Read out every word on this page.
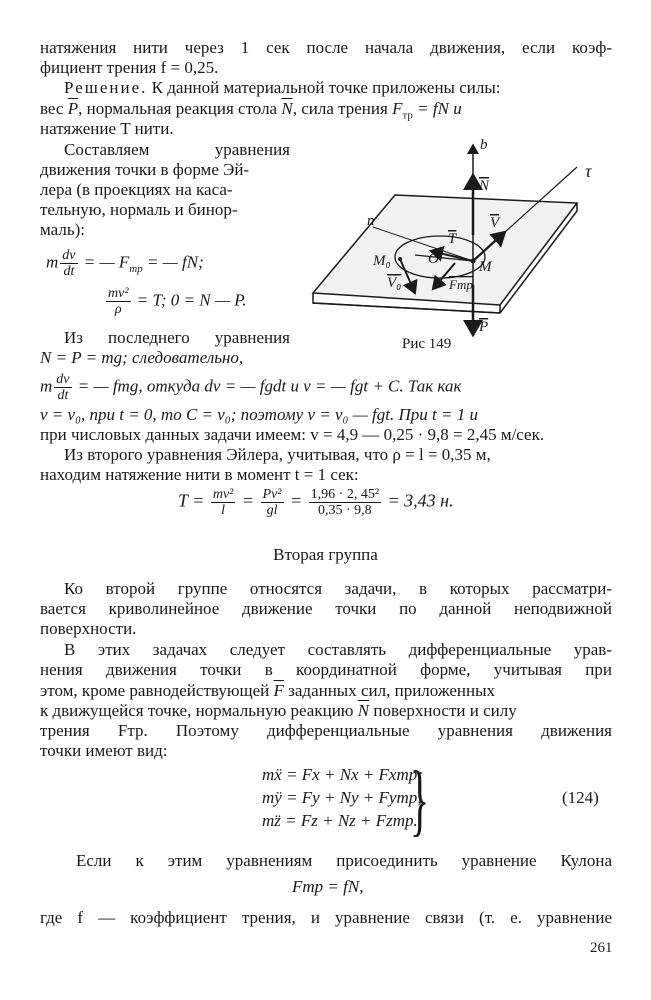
натяжения нити через 1 сек после начала движения, если коэф-
фициент трения f = 0,25.
Решение. К данной материальной точке приложены силы:
вес $\overline{P}$, нормальная реакция стола $\overline{N}$, сила трения $F_{тр}$ = fN и
натяжение T нити.
Составляем уравнения
движения точки в форме Эй-
лера (в проекциях на каса-
тельную, нормаль и бинор-
маль):
m $\frac{dv}{dt}$ = — $F_{тр}$ = — fN;
$\frac{\text{mv²}}{\rho} = T$; 0 = N — P.
Из последнего уравнения
N = P = mg; следовательно,
m $\frac{dv}{dt}$ = — fmg, откуда dv = — fgdt и v = — fgt + C. Так как
v = v₀, при t = 0, то C = v₀; поэтому v = v₀ — fgt. При t = 1 и
при числовых данных задачи имеем: v = 4,9 — 0,25 · 9,8 = 2,45 м/сек.
Из второго уравнения Эйлера, учитывая, что ρ = l = 0,35 м,
находим натяжение нити в момент t = 1 сек:
$T = \frac{\text{mv²}}{l} = \frac{\text{Pv²}}{gl} = \frac{\text{1,96 · 2, 45²}}{0,35 \cdot 9,8} = 3,43$ н.
Вторая группа
Ко второй группе относятся задачи, в которых рассматри-
вается криволинейное движение точки по данной неподвижной
поверхности.
В этих задачах следует составлять дифференциальные урав-
нения движения точки в координатной форме, учитывая при
этом, кроме равнодействующей $\overline{F}$ заданных сил, приложенных
к движущейся точке, нормальную реакцию $\overline{N}$ поверхности и силу
трения Fтр. Поэтому дифференциальные уравнения движения
точки имеют вид:
mẍ = Fx + Nx + Fxтр;
mÿ = Fy + Ny + Fyтр;
mz̈ = Fz + Nz + Fzтр.
}	(124)
Если к этим уравнениям присоединить уравнение Кулона
Fтр = fN,
где f — коэффициент трения, и уравнение связи (т. е. уравнение
261
b
N
V
T
n
O
M₀	M
V₀	Fтр
P
τ
Рис 149
